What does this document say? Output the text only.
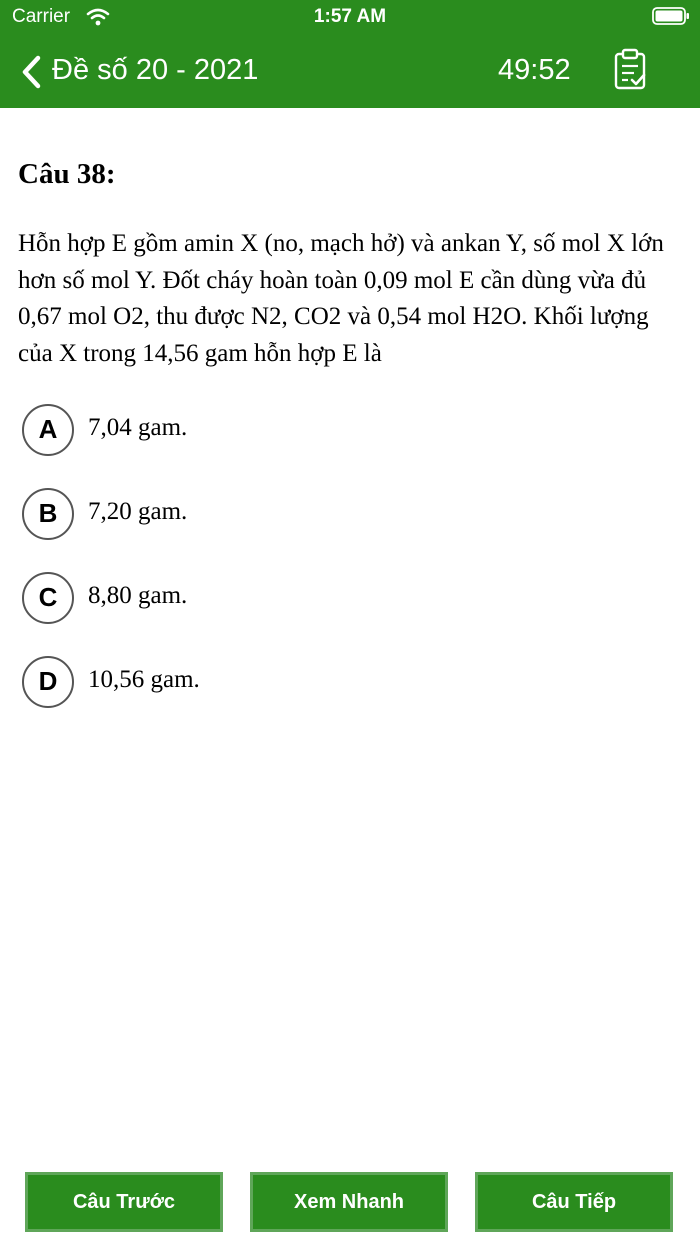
Carrier	1:57 AM
Đề số 20 - 2021	49:52
Câu 38:
Hỗn hợp E gồm amin X (no, mạch hở) và ankan Y, số mol X lớn hơn số mol Y. Đốt cháy hoàn toàn 0,09 mol E cần dùng vừa đủ 0,67 mol O2, thu được N2, CO2 và 0,54 mol H2O. Khối lượng của X trong 14,56 gam hỗn hợp E là
A	7,04 gam.
B	7,20 gam.
C	8,80 gam.
D	10,56 gam.
Câu Trước	Xem Nhanh	Câu Tiếp
